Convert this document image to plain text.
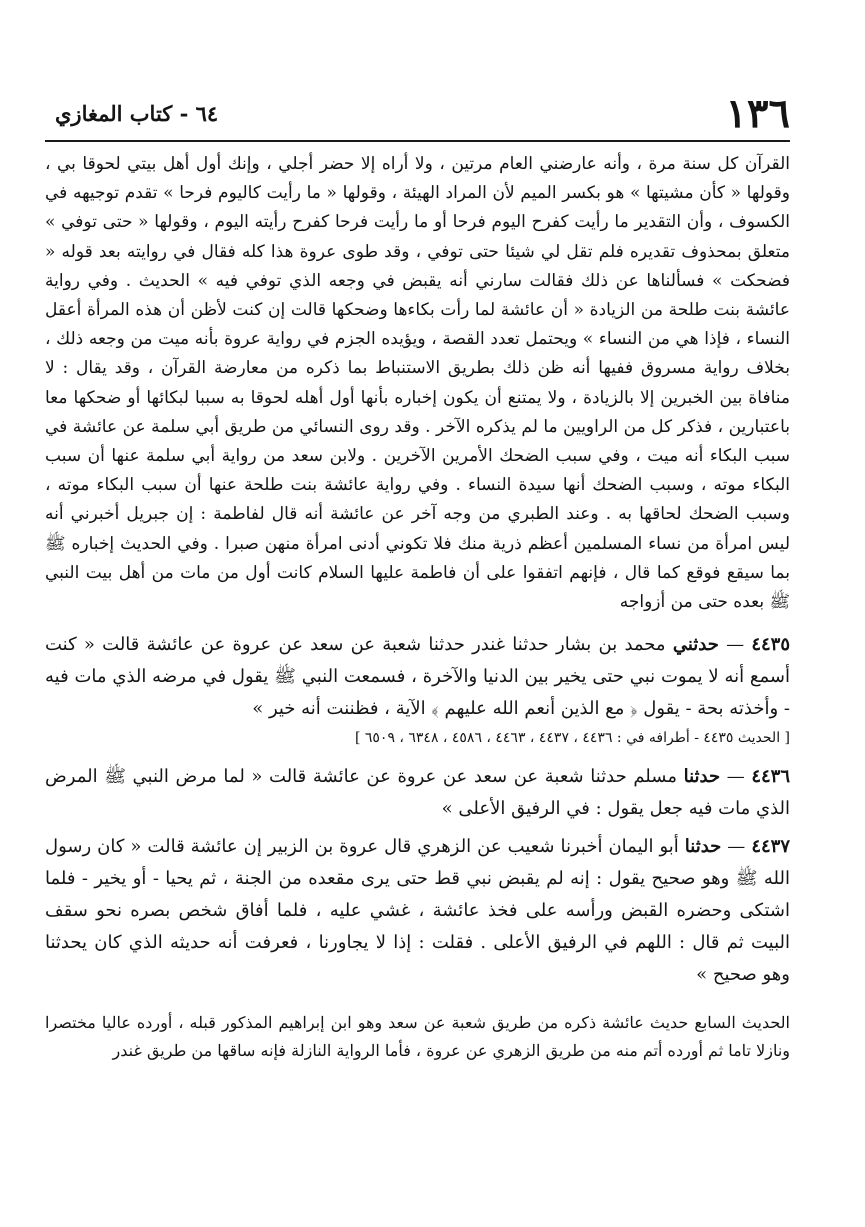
١٣٦
٦٤ - كتاب المغازي

القرآن كل سنة مرة ، وأنه عارضني العام مرتين ، ولا أراه إلا حضر أجلي ، وإنك أول أهل بيتي لحوقا بي ، وقولها « كأن مشيتها » هو بكسر الميم لأن المراد الهيئة ، وقولها « ما رأيت كاليوم فرحا » تقدم توجيهه في الكسوف ، وأن التقدير ما رأيت كفرح اليوم فرحا أو ما رأيت فرحا كفرح رأيته اليوم ، وقولها « حتى توفي » متعلق بمحذوف تقديره فلم تقل لي شيئا حتى توفي ، وقد طوى عروة هذا كله فقال في روايته بعد قوله « فضحكت » فسألناها عن ذلك فقالت سارني أنه يقبض في وجعه الذي توفي فيه » الحديث . وفي رواية عائشة بنت طلحة من الزيادة « أن عائشة لما رأت بكاءها وضحكها قالت إن كنت لأظن أن هذه المرأة أعقل النساء ، فإذا هي من النساء » ويحتمل تعدد القصة ، ويؤيده الجزم في رواية عروة بأنه ميت من وجعه ذلك ، بخلاف رواية مسروق ففيها أنه ظن ذلك بطريق الاستنباط بما ذكره من معارضة القرآن ، وقد يقال : لا منافاة بين الخبرين إلا بالزيادة ، ولا يمتنع أن يكون إخباره بأنها أول أهله لحوقا به سببا لبكائها أو ضحكها معا باعتبارين ، فذكر كل من الراويين ما لم يذكره الآخر . وقد روى النسائي من طريق أبي سلمة عن عائشة في سبب البكاء أنه ميت ، وفي سبب الضحك الأمرين الآخرين . ولابن سعد من رواية أبي سلمة عنها أن سبب البكاء موته ، وسبب الضحك أنها سيدة النساء . وفي رواية عائشة بنت طلحة عنها أن سبب البكاء موته ، وسبب الضحك لحاقها به . وعند الطبري من وجه آخر عن عائشة أنه قال لفاطمة : إن جبريل أخبرني أنه ليس امرأة من نساء المسلمين أعظم ذرية منك فلا تكوني أدنى امرأة منهن صبرا . وفي الحديث إخباره ﷺ بما سيقع فوقع كما قال ، فإنهم اتفقوا على أن فاطمة عليها السلام كانت أول من مات من أهل بيت النبي ﷺ بعده حتى من أزواجه

٤٤٣٥ — حدثني محمد بن بشار حدثنا غندر حدثنا شعبة عن سعد عن عروة عن عائشة قالت « كنت أسمع أنه لا يموت نبي حتى يخير بين الدنيا والآخرة ، فسمعت النبي ﷺ يقول في مرضه الذي مات فيه - وأخذته بحة - يقول ﴿ مع الذين أنعم الله عليهم ﴾ الآية ، فظننت أنه خير »

[ الحديث ٤٤٣٥ - أطرافه في : ٤٤٣٦ ، ٤٤٣٧ ، ٤٤٦٣ ، ٤٥٨٦ ، ٦٣٤٨ ، ٦٥٠٩ ]

٤٤٣٦ — حدثنا مسلم حدثنا شعبة عن سعد عن عروة عن عائشة قالت « لما مرض النبي ﷺ المرض الذي مات فيه جعل يقول : في الرفيق الأعلى »

٤٤٣٧ — حدثنا أبو اليمان أخبرنا شعيب عن الزهري قال عروة بن الزبير إن عائشة قالت « كان رسول الله ﷺ وهو صحيح يقول : إنه لم يقبض نبي قط حتى يرى مقعده من الجنة ، ثم يحيا - أو يخير - فلما اشتكى وحضره القبض ورأسه على فخذ عائشة ، غشي عليه ، فلما أفاق شخص بصره نحو سقف البيت ثم قال : اللهم في الرفيق الأعلى . فقلت : إذا لا يجاورنا ، فعرفت أنه حديثه الذي كان يحدثنا وهو صحيح »

الحديث السابع حديث عائشة ذكره من طريق شعبة عن سعد وهو ابن إبراهيم المذكور قبله ، أورده عاليا مختصرا ونازلا تاما ثم أورده أتم منه من طريق الزهري عن عروة ، فأما الرواية النازلة فإنه ساقها من طريق غندر
